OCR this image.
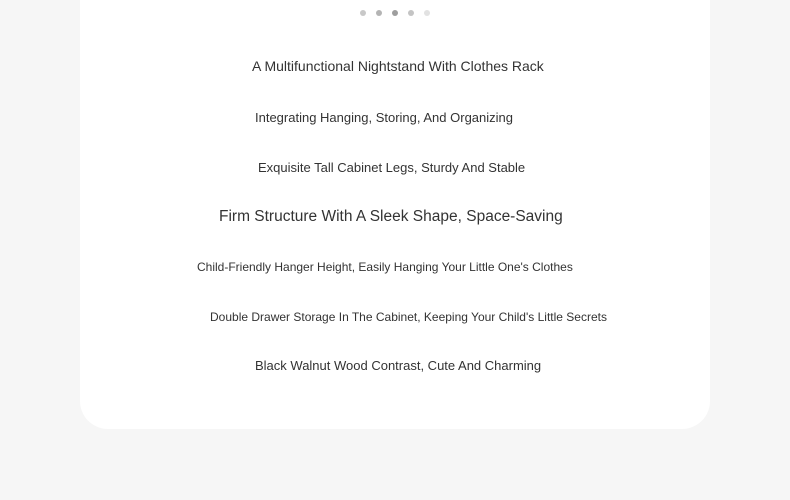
A Multifunctional Nightstand With Clothes Rack
Integrating Hanging, Storing, And Organizing
Exquisite Tall Cabinet Legs, Sturdy And Stable
Firm Structure With A Sleek Shape, Space-Saving
Child-Friendly Hanger Height, Easily Hanging Your Little One's Clothes
Double Drawer Storage In The Cabinet, Keeping Your Child's Little Secrets
Black Walnut Wood Contrast, Cute And Charming
